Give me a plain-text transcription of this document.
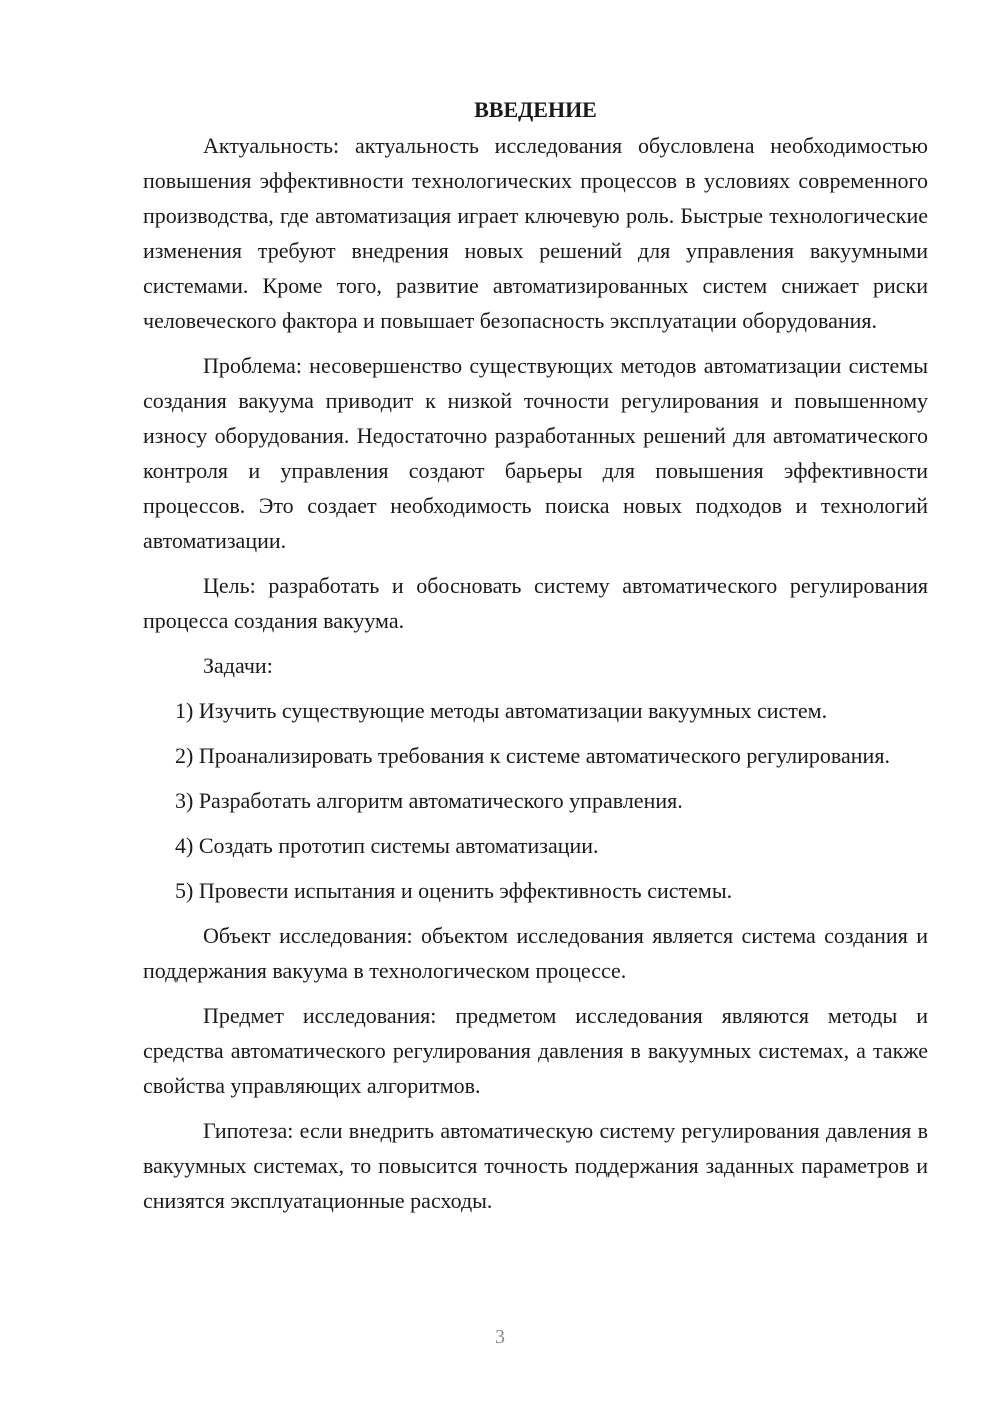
ВВЕДЕНИЕ

Актуальность: актуальность исследования обусловлена необходимостью повышения эффективности технологических процессов в условиях современного производства, где автоматизация играет ключевую роль. Быстрые технологические изменения требуют внедрения новых решений для управления вакуумными системами. Кроме того, развитие автоматизированных систем снижает риски человеческого фактора и повышает безопасность эксплуатации оборудования.

Проблема: несовершенство существующих методов автоматизации системы создания вакуума приводит к низкой точности регулирования и повышенному износу оборудования. Недостаточно разработанных решений для автоматического контроля и управления создают барьеры для повышения эффективности процессов. Это создает необходимость поиска новых подходов и технологий автоматизации.

Цель: разработать и обосновать систему автоматического регулирования процесса создания вакуума.

Задачи:

1) Изучить существующие методы автоматизации вакуумных систем.

2) Проанализировать требования к системе автоматического регулирования.

3) Разработать алгоритм автоматического управления.

4) Создать прототип системы автоматизации.

5) Провести испытания и оценить эффективность системы.

Объект исследования: объектом исследования является система создания и поддержания вакуума в технологическом процессе.

Предмет исследования: предметом исследования являются методы и средства автоматического регулирования давления в вакуумных системах, а также свойства управляющих алгоритмов.

Гипотеза: если внедрить автоматическую систему регулирования давления в вакуумных системах, то повысится точность поддержания заданных параметров и снизятся эксплуатационные расходы.

3
